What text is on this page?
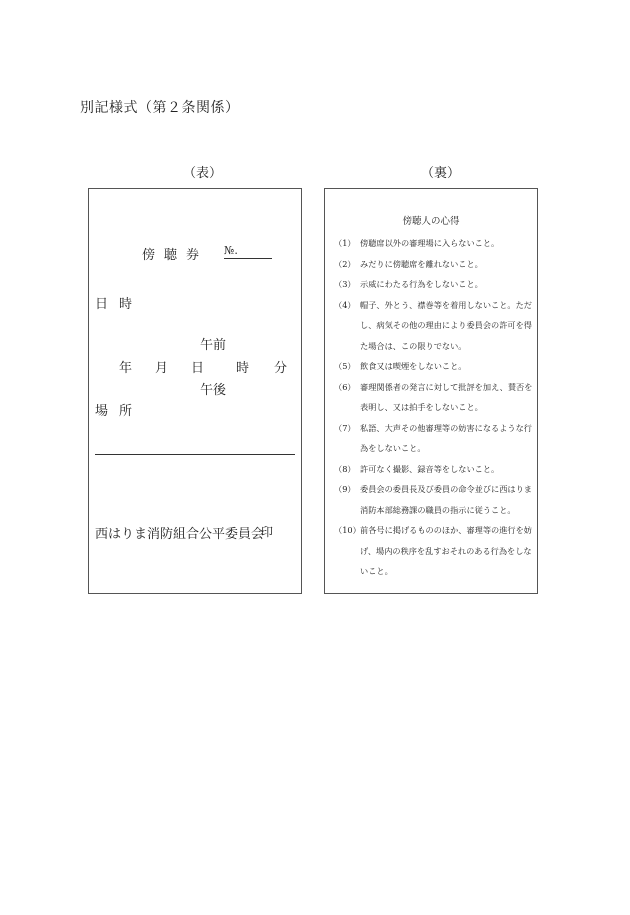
別記様式（第２条関係）
（表）	（裏）
傍聴券 №.
日時
午前
年 月 日 時 分
午後
場所
西はりま消防組合公平委員会
印
傍聴人の心得
（1） 傍聴席以外の審理場に入らないこと。
（2） みだりに傍聴席を離れないこと。
（3） 示威にわたる行為をしないこと。
（4） 帽子、外とう、襟巻等を着用しないこと。ただし、病気その他の理由により委員会の許可を得た場合は、この限りでない。
（5） 飲食又は喫煙をしないこと。
（6） 審理関係者の発言に対して批評を加え、賛否を表明し、又は拍手をしないこと。
（7） 私語、大声その他審理等の妨害になるような行為をしないこと。
（8） 許可なく撮影、録音等をしないこと。
（9） 委員会の委員長及び委員の命令並びに西はりま消防本部総務課の職員の指示に従うこと。
（10） 前各号に掲げるもののほか、審理等の進行を妨げ、場内の秩序を乱すおそれのある行為をしないこと。
